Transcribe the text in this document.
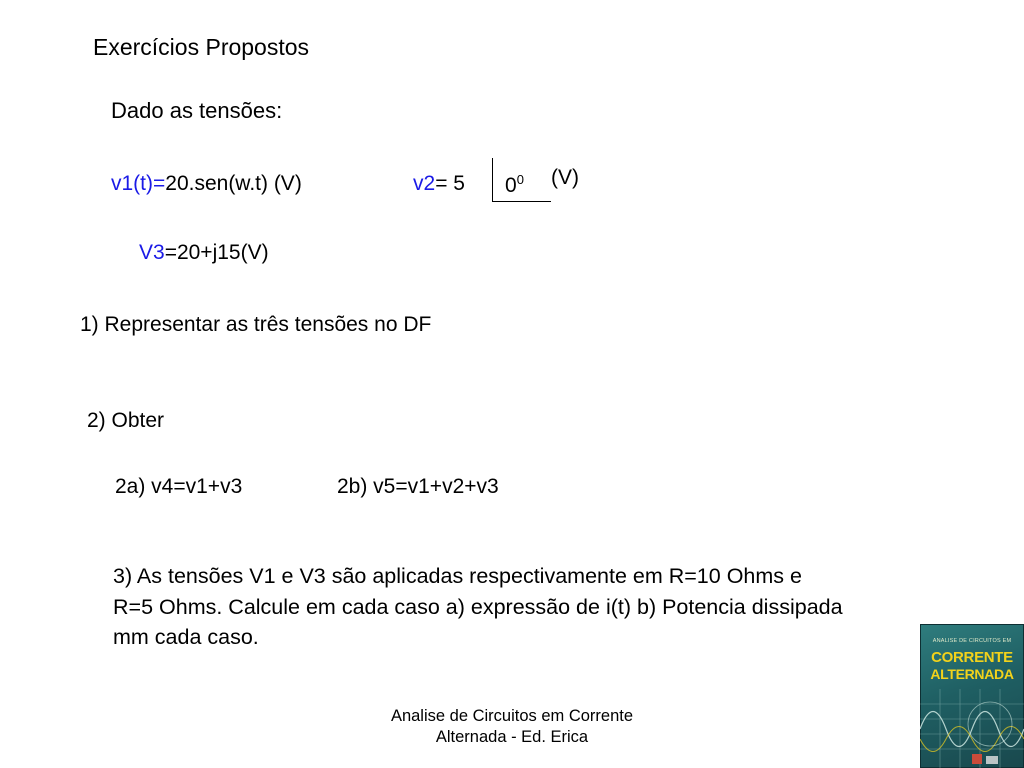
Exercícios Propostos
Dado as tensões:
v1(t)=20.sen(w.t) (V)	v2= 5 $0^0$ (V)
V3=20+j15(V)
1) Representar as três tensões no DF
2) Obter
2a) v4=v1+v3	2b) v5=v1+v2+v3
3) As tensões V1 e V3 são aplicadas respectivamente em R=10 Ohms e
R=5 Ohms. Calcule em cada caso a) expressão de i(t) b) Potencia dissipada
mm cada caso.
Analise de Circuitos em Corrente
Alternada - Ed. Erica
ANALISE DE CIRCUITOS EM
CORRENTE
ALTERNADA
